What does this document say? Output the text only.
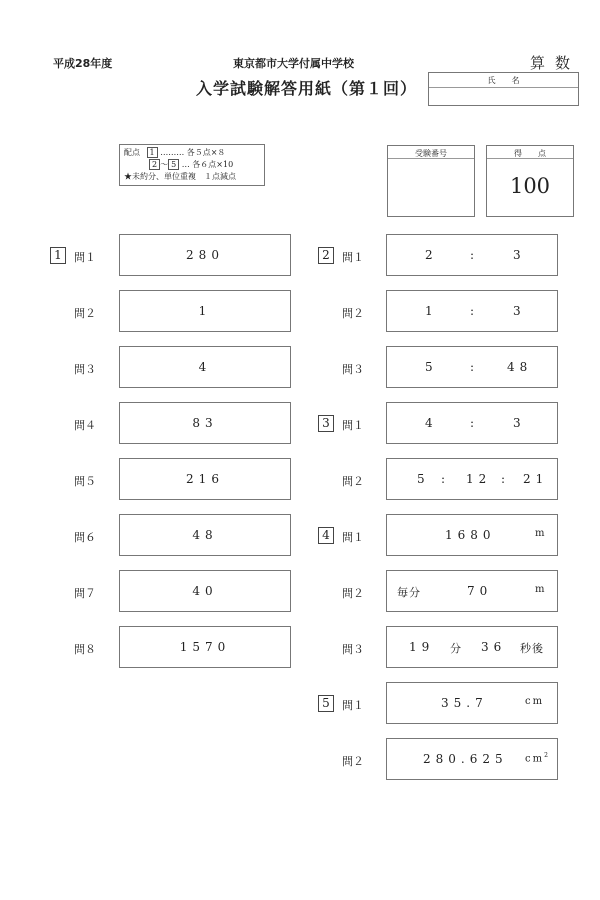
平成28年度	東京都市大学付属中学校	算数
入学試験解答用紙（第１回）	氏　　名
配点 1 ……… 各５点×８
2 ～ 5 … 各６点×10
★未約分、単位重複　１点減点
受験番号	得　　点
100
1	問１	280
問２	1
問３	4
問４	83
問５	216
問６	48
問７	40
問８	1570
2	問１	2	:	3
問２	1	:	3
問３	5	: 48
3	問１	4	:	3
問２	5 : 12 : 21
4	問１	1680	m
問２	毎分	70	m
問３	19 分 36 秒後
5	問１	35.7	cm
問２	280.625 $cm^2$
